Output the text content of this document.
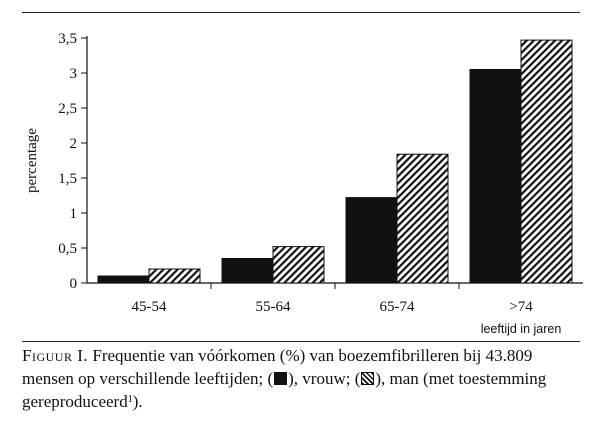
0
0,5
1
1,5
2
2,5
3
3,5
percentage
45-54	55-64	65-74	>74
leeftijd in jaren
Figuur I. Frequentie van vóórkomen (%) van boezemfibrilleren bij 43.809 mensen op verschillende leeftijden; ( ), vrouw; ( ), man (met toestemming gereproduceerd$^1$).
